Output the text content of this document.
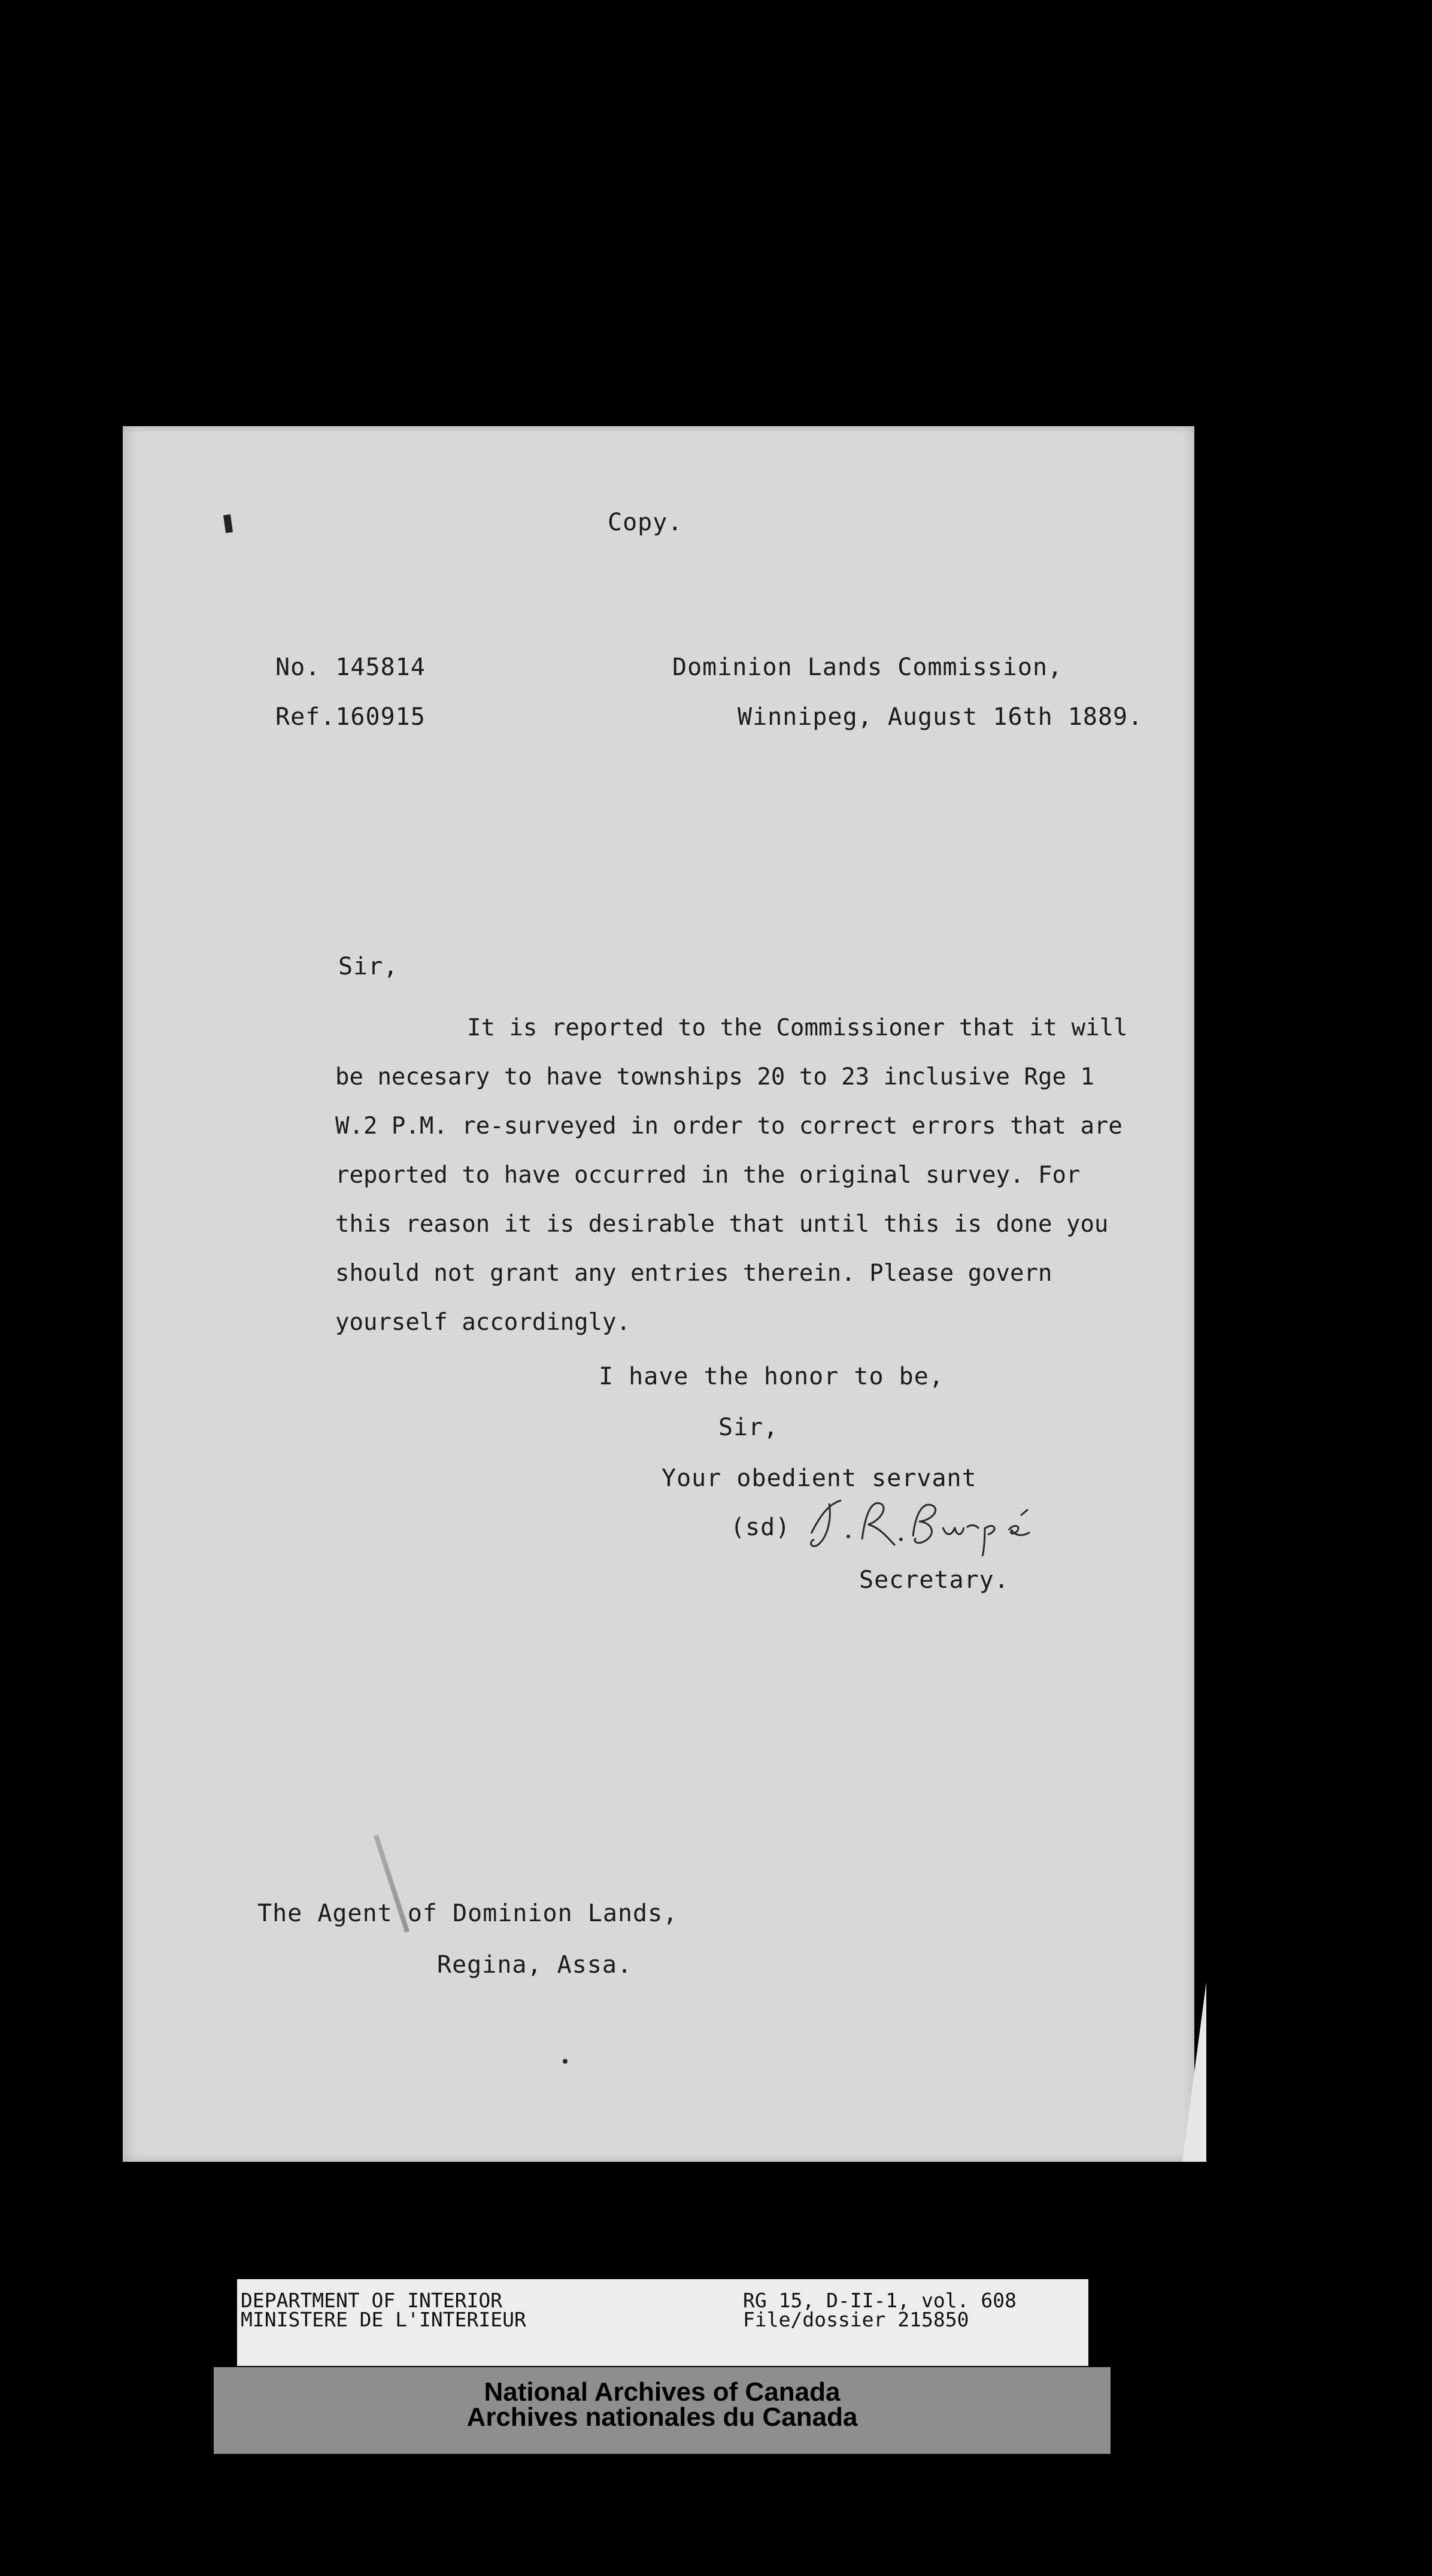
Copy.
No. 145814
Ref.160915
Dominion Lands Commission,
Winnipeg, August 16th 1889.
Sir,
It is reported to the Commissioner that it will
be necesary to have townships 20 to 23 inclusive Rge 1
W.2 P.M. re-surveyed in order to correct errors that are
reported to have occurred in the original survey. For
this reason it is desirable that until this is done you
should not grant any entries therein. Please govern
yourself accordingly.
I have the honor to be,
Sir,
Your obedient servant
(sd)
Secretary.
The Agent of Dominion Lands,
Regina, Assa.
DEPARTMENT OF INTERIOR
MINISTERE DE L'INTERIEUR
RG 15, D-II-1, vol. 608
File/dossier 215850
National Archives of Canada
Archives nationales du Canada
